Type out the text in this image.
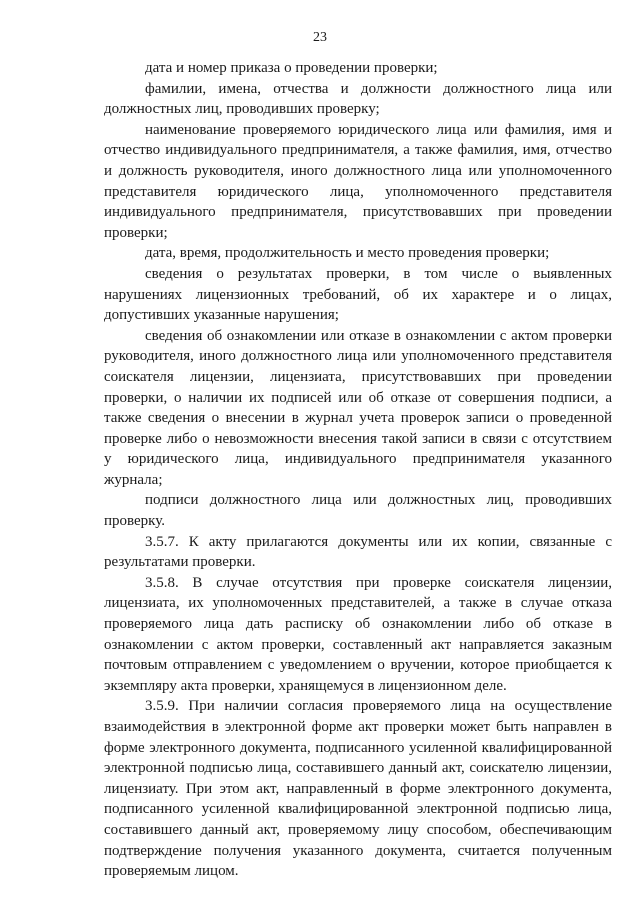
23

дата и номер приказа о проведении проверки;

фамилии, имена, отчества и должности должностного лица или должностных лиц, проводивших проверку;

наименование проверяемого юридического лица или фамилия, имя и отчество индивидуального предпринимателя, а также фамилия, имя, отчество и должность руководителя, иного должностного лица или уполномоченного представителя юридического лица, уполномоченного представителя индивидуального предпринимателя, присутствовавших при проведении проверки;

дата, время, продолжительность и место проведения проверки;

сведения о результатах проверки, в том числе о выявленных нарушениях лицензионных требований, об их характере и о лицах, допустивших указанные нарушения;

сведения об ознакомлении или отказе в ознакомлении с актом проверки руководителя, иного должностного лица или уполномоченного представителя соискателя лицензии, лицензиата, присутствовавших при проведении проверки, о наличии их подписей или об отказе от совершения подписи, а также сведения о внесении в журнал учета проверок записи о проведенной проверке либо о невозможности внесения такой записи в связи с отсутствием у юридического лица, индивидуального предпринимателя указанного журнала;

подписи должностного лица или должностных лиц, проводивших проверку.

3.5.7. К акту прилагаются документы или их копии, связанные с результатами проверки.

3.5.8. В случае отсутствия при проверке соискателя лицензии, лицензиата, их уполномоченных представителей, а также в случае отказа проверяемого лица дать расписку об ознакомлении либо об отказе в ознакомлении с актом проверки, составленный акт направляется заказным почтовым отправлением с уведомлением о вручении, которое приобщается к экземпляру акта проверки, хранящемуся в лицензионном деле.

3.5.9. При наличии согласия проверяемого лица на осуществление взаимодействия в электронной форме акт проверки может быть направлен в форме электронного документа, подписанного усиленной квалифицированной электронной подписью лица, составившего данный акт, соискателю лицензии, лицензиату. При этом акт, направленный в форме электронного документа, подписанного усиленной квалифицированной электронной подписью лица, составившего данный акт, проверяемому лицу способом, обеспечивающим подтверждение получения указанного документа, считается полученным проверяемым лицом.
